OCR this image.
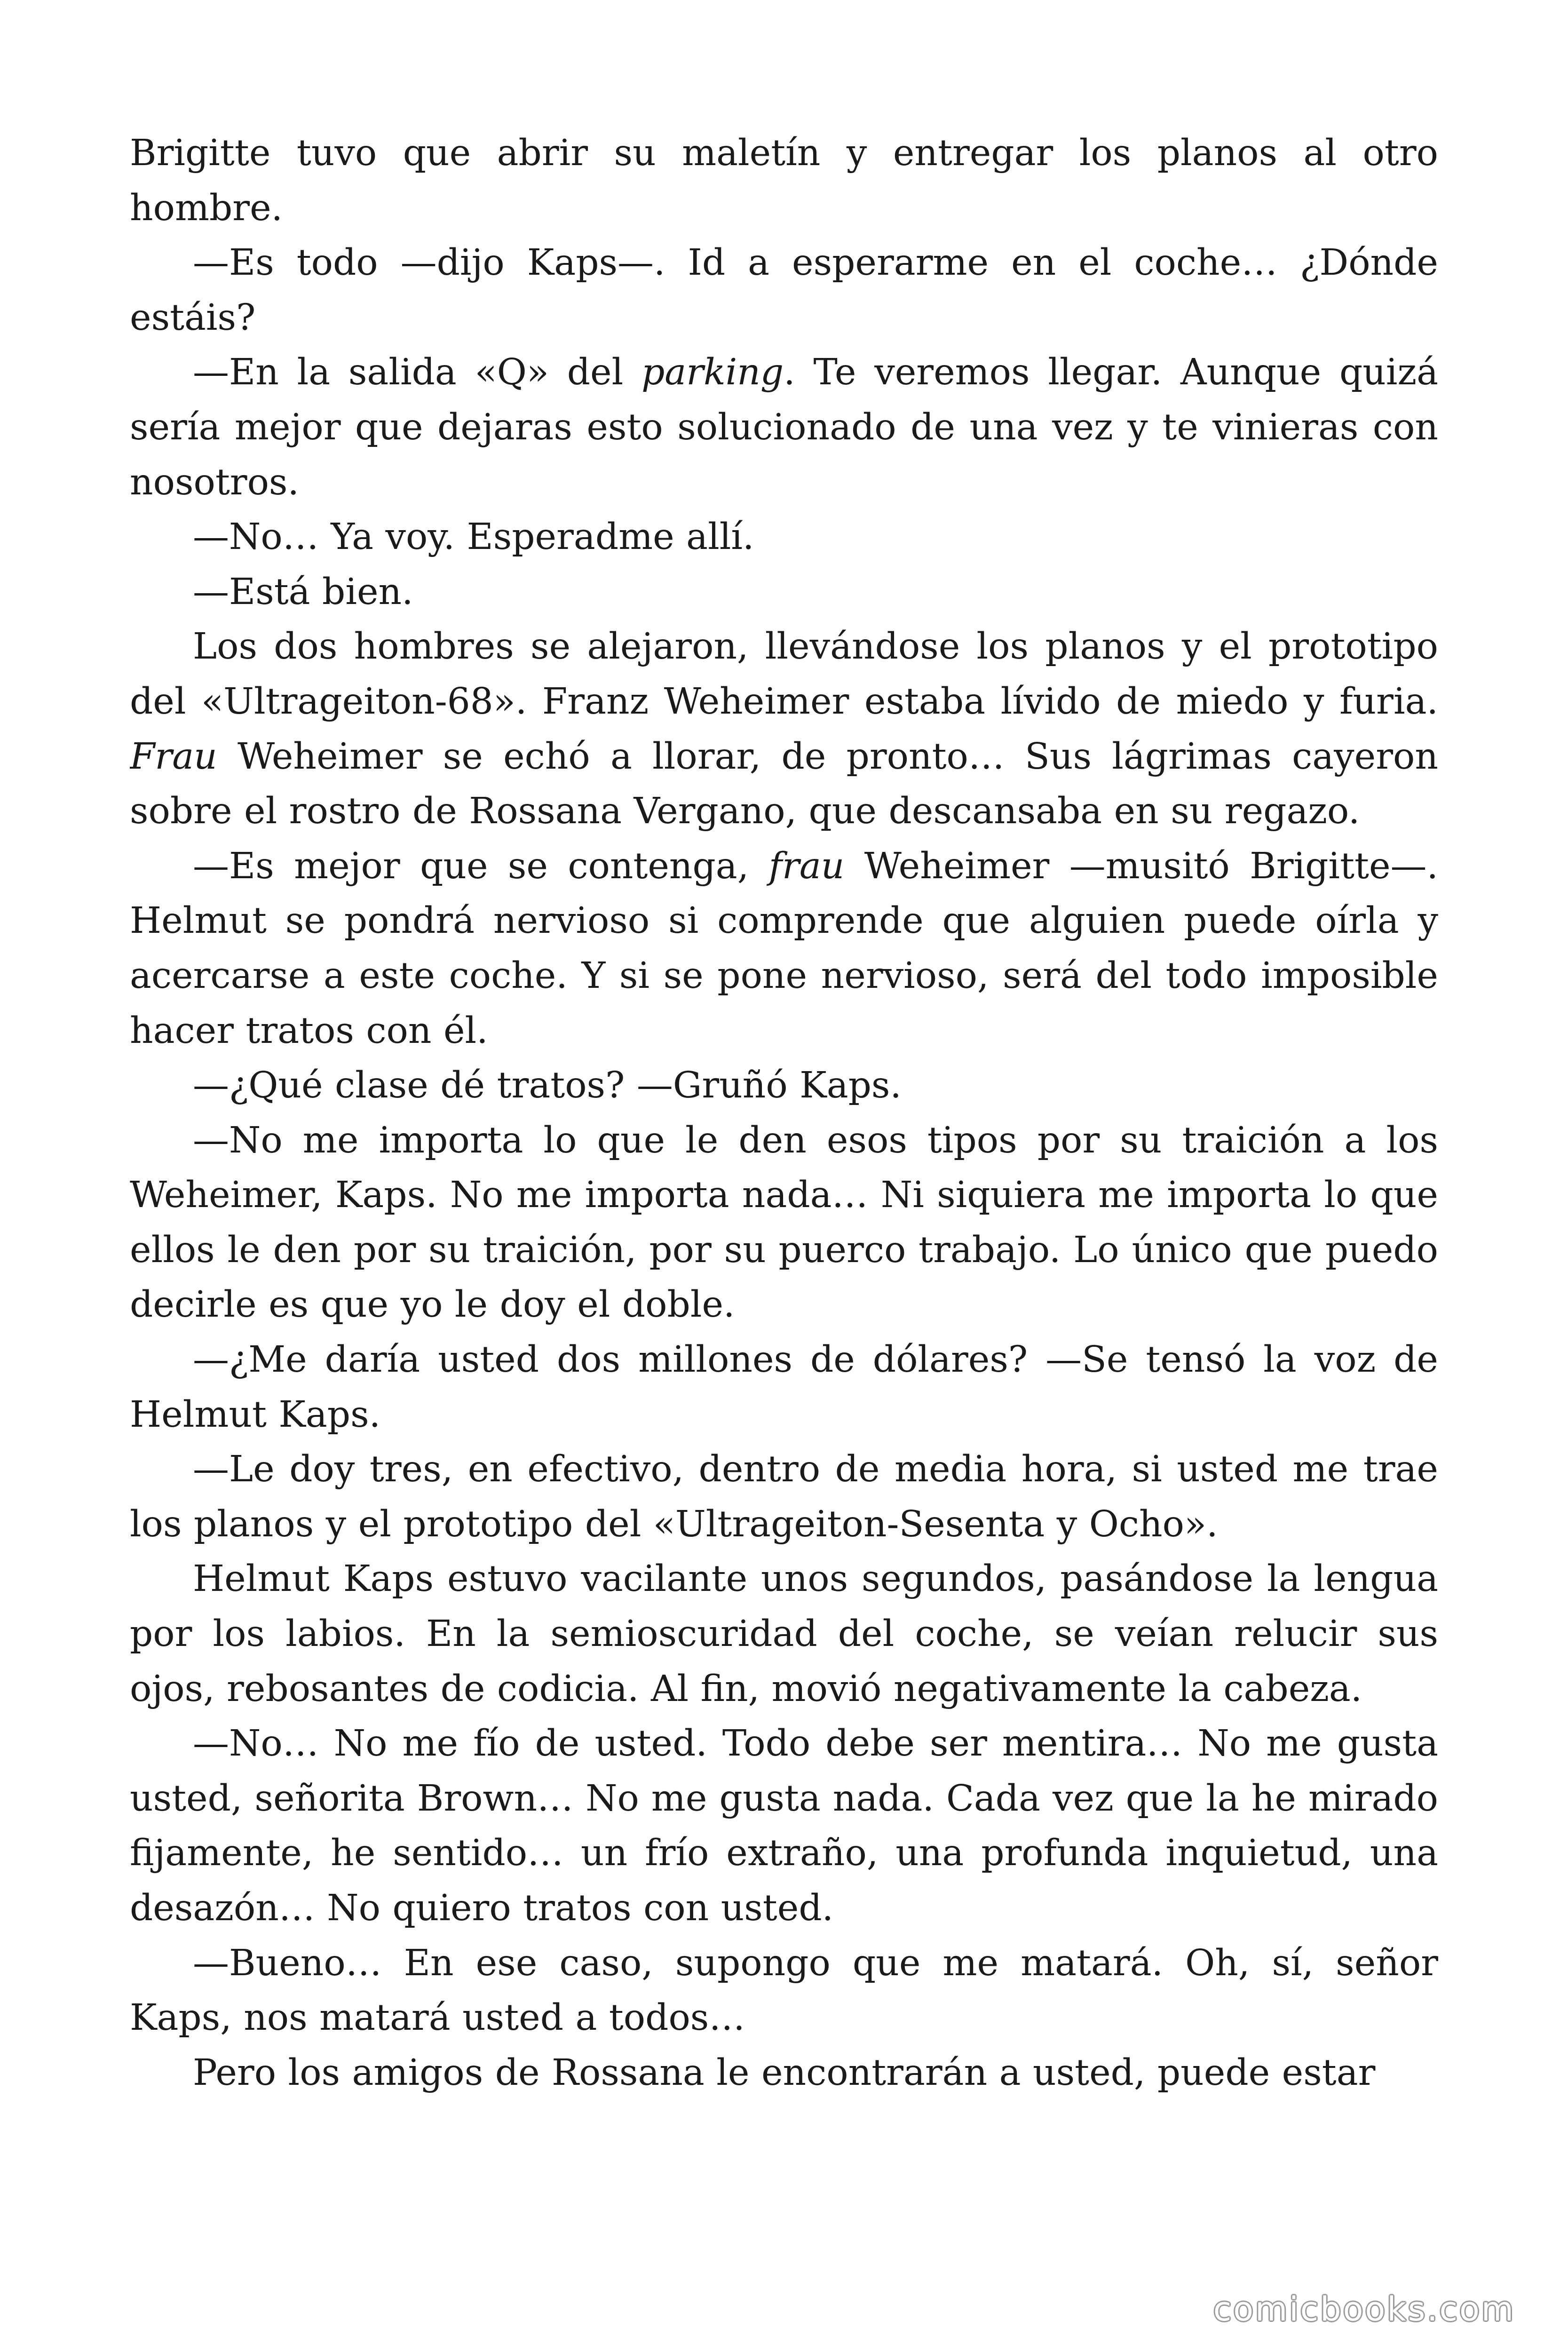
Brigitte tuvo que abrir su maletín y entregar los planos al otro hombre.

—Es todo —dijo Kaps—. Id a esperarme en el coche… ¿Dónde estáis?

—En la salida «Q» del parking. Te veremos llegar. Aunque quizá sería mejor que dejaras esto solucionado de una vez y te vinieras con nosotros.

—No… Ya voy. Esperadme allí.

—Está bien.

Los dos hombres se alejaron, llevándose los planos y el prototipo del «Ultrageiton-68». Franz Weheimer estaba lívido de miedo y furia. Frau Weheimer se echó a llorar, de pronto… Sus lágrimas cayeron sobre el rostro de Rossana Vergano, que descansaba en su regazo.

—Es mejor que se contenga, frau Weheimer —musitó Brigitte—. Helmut se pondrá nervioso si comprende que alguien puede oírla y acercarse a este coche. Y si se pone nervioso, será del todo imposible hacer tratos con él.

—¿Qué clase dé tratos? —Gruñó Kaps.

—No me importa lo que le den esos tipos por su traición a los Weheimer, Kaps. No me importa nada… Ni siquiera me importa lo que ellos le den por su traición, por su puerco trabajo. Lo único que puedo decirle es que yo le doy el doble.

—¿Me daría usted dos millones de dólares? —Se tensó la voz de Helmut Kaps.

—Le doy tres, en efectivo, dentro de media hora, si usted me trae los planos y el prototipo del «Ultrageiton-Sesenta y Ocho».

Helmut Kaps estuvo vacilante unos segundos, pasándose la lengua por los labios. En la semioscuridad del coche, se veían relucir sus ojos, rebosantes de codicia. Al fin, movió negativamente la cabeza.

—No… No me fío de usted. Todo debe ser mentira… No me gusta usted, señorita Brown… No me gusta nada. Cada vez que la he mirado fijamente, he sentido… un frío extraño, una profunda inquietud, una desazón… No quiero tratos con usted.

—Bueno… En ese caso, supongo que me matará. Oh, sí, señor Kaps, nos matará usted a todos…

Pero los amigos de Rossana le encontrarán a usted, puede estar

comicbooks.com
